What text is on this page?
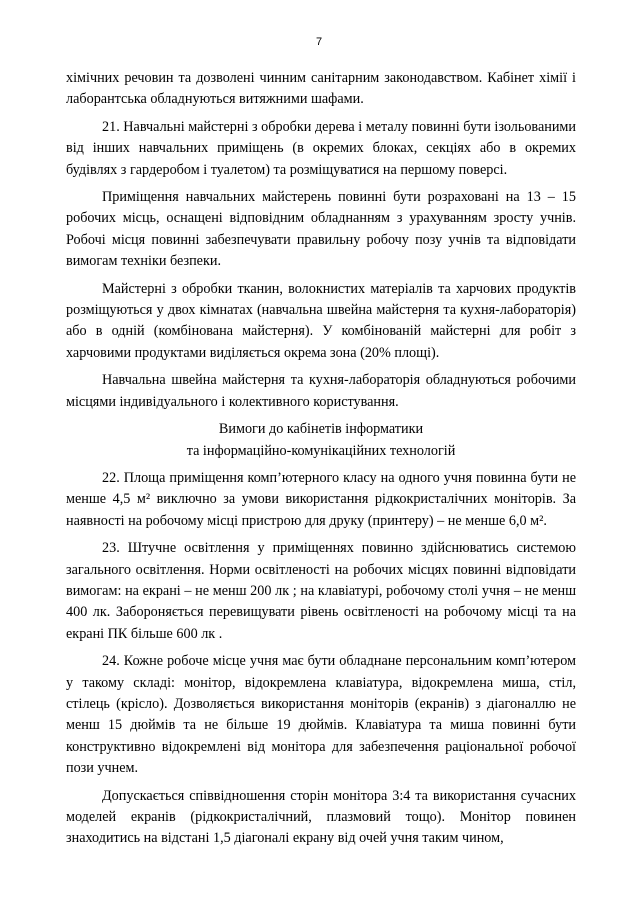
7

хімічних речовин та дозволені чинним санітарним законодавством. Кабінет хімії і лаборантська обладнуються витяжними шафами.

21. Навчальні майстерні з обробки дерева і металу повинні бути ізольованими від інших навчальних приміщень (в окремих блоках, секціях або в окремих будівлях з гардеробом і туалетом) та розміщуватися на першому поверсі.

Приміщення навчальних майстерень повинні бути розраховані на 13 – 15 робочих місць, оснащені відповідним обладнанням з урахуванням зросту учнів. Робочі місця повинні забезпечувати правильну робочу позу учнів та відповідати вимогам техніки безпеки.

Майстерні з обробки тканин, волокнистих матеріалів та харчових продуктів розміщуються у двох кімнатах (навчальна швейна майстерня та кухня-лабораторія) або в одній (комбінована майстерня). У комбінованій майстерні для робіт з харчовими продуктами виділяється окрема зона (20% площі).

Навчальна швейна майстерня та кухня-лабораторія обладнуються робочими місцями індивідуального і колективного користування.

Вимоги до кабінетів інформатики

та інформаційно-комунікаційних технологій

22. Площа приміщення комп’ютерного класу на одного учня повинна бути не менше 4,5 м² виключно за умови використання рідкокристалічних моніторів. За наявності на робочому місці пристрою для друку (принтеру) – не менше 6,0 м².

23. Штучне освітлення у приміщеннях повинно здійснюватись системою загального освітлення. Норми освітленості на робочих місцях повинні відповідати вимогам: на екрані – не менш 200 лк ; на клавіатурі, робочому столі учня – не менш 400 лк. Забороняється перевищувати рівень освітленості на робочому місці та на екрані ПК більше 600 лк .

24. Кожне робоче місце учня має бути обладнане персональним комп’ютером у такому складі: монітор, відокремлена клавіатура, відокремлена миша, стіл, стілець (крісло). Дозволяється використання моніторів (екранів) з діагоналлю не менш 15 дюймів та не більше 19 дюймів. Клавіатура та миша повинні бути конструктивно відокремлені від монітора для забезпечення раціональної робочої пози учнем.

Допускається співвідношення сторін монітора 3:4 та використання сучасних моделей екранів (рідкокристалічний, плазмовий тощо). Монітор повинен знаходитись на відстані 1,5 діагоналі екрану від очей учня таким чином,
